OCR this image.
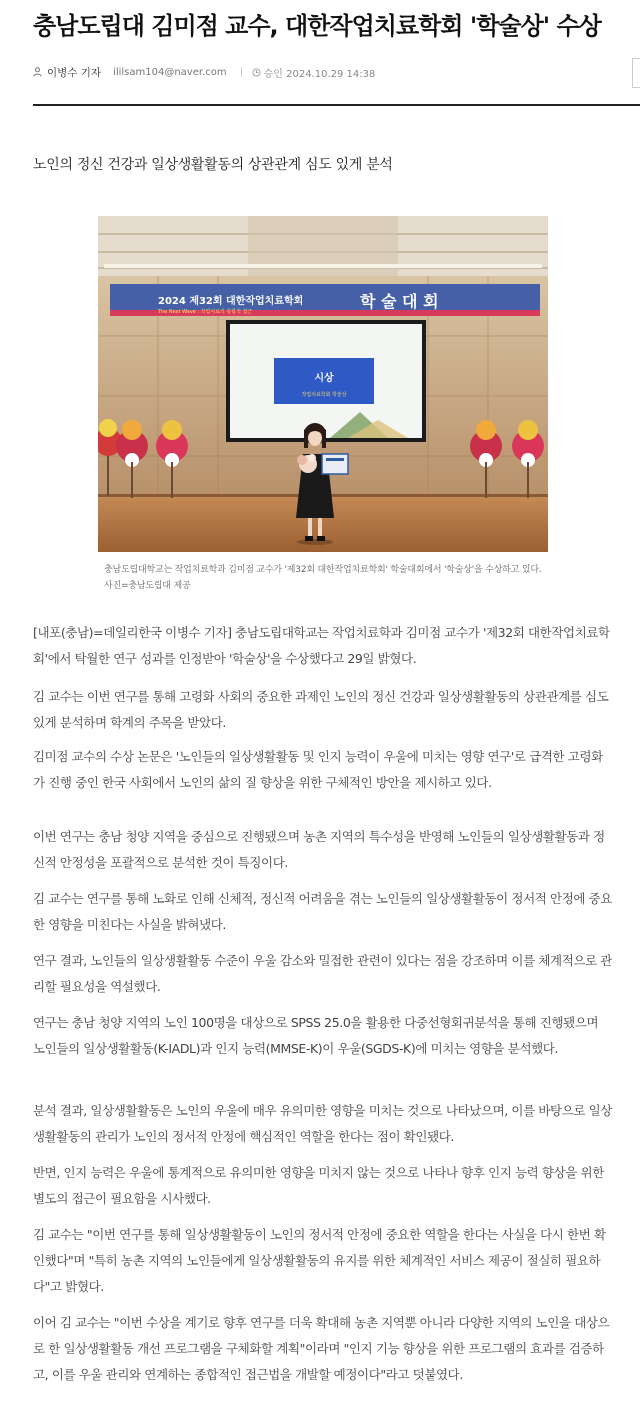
충남도립대 김미점 교수, 대한작업치료학회 '학술상' 수상
이병수 기자 ililsam104@naver.com	승인 2024.10.29 14:38
노인의 정신 건강과 일상생활활동의 상관관계 심도 있게 분석
2024 제32회 대한작업치료학회	학 술 대 회
The Next Wave : 작업치료의 통합적 접근
시상
작업치료학회 학술상
충남도립대학교는 작업치료학과 김미점 교수가 '제32회 대한작업치료학회' 학술대회에서 '학술상'을 수상하고 있다. 사진=충남도립대 제공

[내포(충남)=데일리한국 이병수 기자] 충남도립대학교는 작업치료학과 김미점 교수가 '제32회 대한작업치료학회'에서 탁월한 연구 성과를 인정받아 '학술상'을 수상했다고 29일 밝혔다.

김 교수는 이번 연구를 통해 고령화 사회의 중요한 과제인 노인의 정신 건강과 일상생활활동의 상관관계를 심도 있게 분석하며 학계의 주목을 받았다.

김미점 교수의 수상 논문은 '노인들의 일상생활활동 및 인지 능력이 우울에 미치는 영향 연구'로 급격한 고령화가 진행 중인 한국 사회에서 노인의 삶의 질 향상을 위한 구체적인 방안을 제시하고 있다.

이번 연구는 충남 청양 지역을 중심으로 진행됐으며 농촌 지역의 특수성을 반영해 노인들의 일상생활활동과 정신적 안정성을 포괄적으로 분석한 것이 특징이다.

김 교수는 연구를 통해 노화로 인해 신체적, 정신적 어려움을 겪는 노인들의 일상생활활동이 정서적 안정에 중요한 영향을 미친다는 사실을 밝혀냈다.

연구 결과, 노인들의 일상생활활동 수준이 우울 감소와 밀접한 관련이 있다는 점을 강조하며 이를 체계적으로 관리할 필요성을 역설했다.

연구는 충남 청양 지역의 노인 100명을 대상으로 SPSS 25.0을 활용한 다중선형회귀분석을 통해 진행됐으며 노인들의 일상생활활동(K-IADL)과 인지 능력(MMSE-K)이 우울(SGDS-K)에 미치는 영향을 분석했다.

분석 결과, 일상생활활동은 노인의 우울에 매우 유의미한 영향을 미치는 것으로 나타났으며, 이를 바탕으로 일상생활활동의 관리가 노인의 정서적 안정에 핵심적인 역할을 한다는 점이 확인됐다.

반면, 인지 능력은 우울에 통계적으로 유의미한 영향을 미치지 않는 것으로 나타나 향후 인지 능력 향상을 위한 별도의 접근이 필요함을 시사했다.

김 교수는 "이번 연구를 통해 일상생활활동이 노인의 정서적 안정에 중요한 역할을 한다는 사실을 다시 한번 확인했다"며 "특히 농촌 지역의 노인들에게 일상생활활동의 유지를 위한 체계적인 서비스 제공이 절실히 필요하다"고 밝혔다.

이어 김 교수는 "이번 수상을 계기로 향후 연구를 더욱 확대해 농촌 지역뿐 아니라 다양한 지역의 노인을 대상으로 한 일상생활활동 개선 프로그램을 구체화할 계획"이라며 "인지 기능 향상을 위한 프로그램의 효과를 검증하고, 이를 우울 관리와 연계하는 종합적인 접근법을 개발할 예정이다"라고 덧붙였다.
